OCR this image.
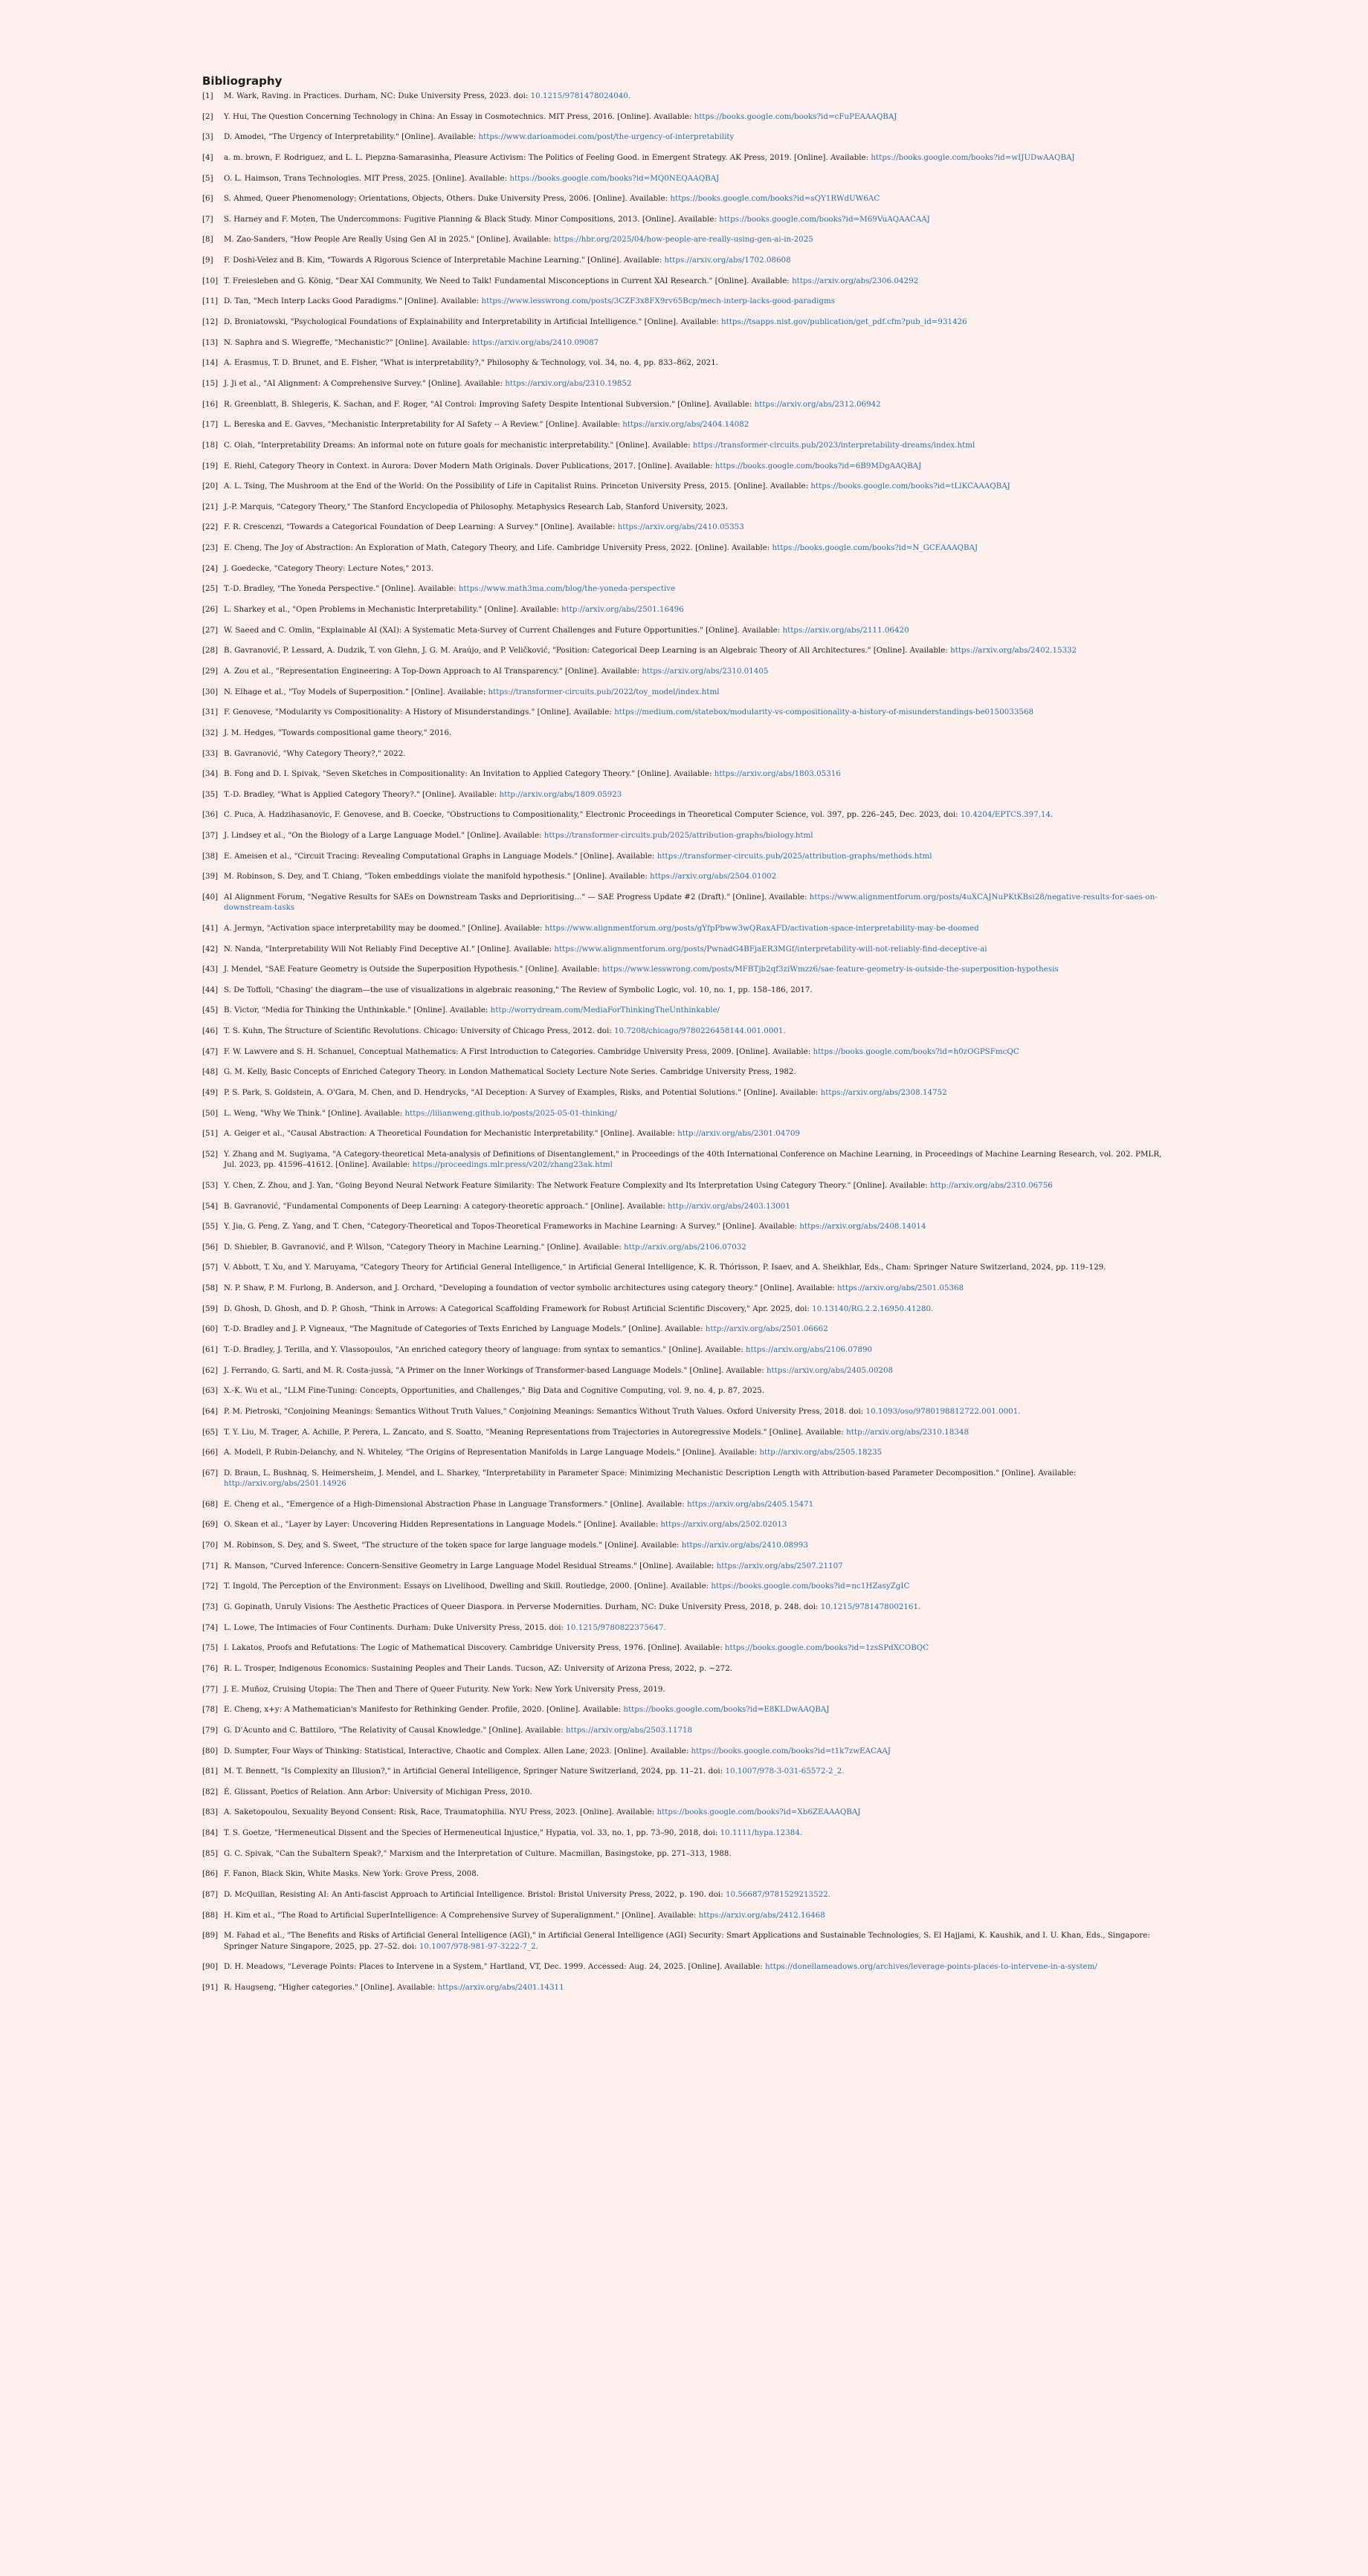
Bibliography
[1]	M. Wark, Raving. in Practices. Durham, NC: Duke University Press, 2023. doi: 10.1215/9781478024040.
[2]	Y. Hui, The Question Concerning Technology in China: An Essay in Cosmotechnics. MIT Press, 2016. [Online]. Available: https://books.google.com/books?id=cFuPEAAAQBAJ
[3]	D. Amodei, "The Urgency of Interpretability." [Online]. Available: https://www.darioamodei.com/post/the-urgency-of-interpretability
[4]	a. m. brown, F. Rodriguez, and L. L. Piepzna-Samarasinha, Pleasure Activism: The Politics of Feeling Good. in Emergent Strategy. AK Press, 2019. [Online]. Available: https://books.google.com/books?id=wIJUDwAAQBAJ
[5]	O. L. Haimson, Trans Technologies. MIT Press, 2025. [Online]. Available: https://books.google.com/books?id=MQ0NEQAAQBAJ
[6]	S. Ahmed, Queer Phenomenology: Orientations, Objects, Others. Duke University Press, 2006. [Online]. Available: https://books.google.com/books?id=sQY1RWdUW6AC
[7]	S. Harney and F. Moten, The Undercommons: Fugitive Planning & Black Study. Minor Compositions, 2013. [Online]. Available: https://books.google.com/books?id=M69VuAQAACAAJ
[8]	M. Zao-Sanders, "How People Are Really Using Gen AI in 2025." [Online]. Available: https://hbr.org/2025/04/how-people-are-really-using-gen-ai-in-2025
[9]	F. Doshi-Velez and B. Kim, "Towards A Rigorous Science of Interpretable Machine Learning." [Online]. Available: https://arxiv.org/abs/1702.08608
[10] T. Freiesleben and G. König, "Dear XAI Community, We Need to Talk! Fundamental Misconceptions in Current XAI Research." [Online]. Available: https://arxiv.org/abs/2306.04292
[11] D. Tan, "Mech Interp Lacks Good Paradigms." [Online]. Available: https://www.lesswrong.com/posts/3CZF3x8FX9rv65Bcp/mech-interp-lacks-good-paradigms
[12] D. Broniatowski, "Psychological Foundations of Explainability and Interpretability in Artificial Intelligence." [Online]. Available: https://tsapps.nist.gov/publication/get_pdf.cfm?pub_id=931426
[13] N. Saphra and S. Wiegreffe, "Mechanistic?" [Online]. Available: https://arxiv.org/abs/2410.09087
[14] A. Erasmus, T. D. Brunet, and E. Fisher, "What is interpretability?," Philosophy & Technology, vol. 34, no. 4, pp. 833–862, 2021.
[15] J. Ji et al., "AI Alignment: A Comprehensive Survey." [Online]. Available: https://arxiv.org/abs/2310.19852
[16] R. Greenblatt, B. Shlegeris, K. Sachan, and F. Roger, "AI Control: Improving Safety Despite Intentional Subversion." [Online]. Available: https://arxiv.org/abs/2312.06942
[17] L. Bereska and E. Gavves, "Mechanistic Interpretability for AI Safety -- A Review." [Online]. Available: https://arxiv.org/abs/2404.14082
[18] C. Olah, "Interpretability Dreams: An informal note on future goals for mechanistic interpretability." [Online]. Available: https://transformer-circuits.pub/2023/interpretability-dreams/index.html
[19] E. Riehl, Category Theory in Context. in Aurora: Dover Modern Math Originals. Dover Publications, 2017. [Online]. Available: https://books.google.com/books?id=6B9MDgAAQBAJ
[20] A. L. Tsing, The Mushroom at the End of the World: On the Possibility of Life in Capitalist Ruins. Princeton University Press, 2015. [Online]. Available: https://books.google.com/books?id=tLlKCAAAQBAJ
[21] J.-P. Marquis, "Category Theory," The Stanford Encyclopedia of Philosophy. Metaphysics Research Lab, Stanford University, 2023.
[22] F. R. Crescenzi, "Towards a Categorical Foundation of Deep Learning: A Survey." [Online]. Available: https://arxiv.org/abs/2410.05353
[23] E. Cheng, The Joy of Abstraction: An Exploration of Math, Category Theory, and Life. Cambridge University Press, 2022. [Online]. Available: https://books.google.com/books?id=N_GCEAAAQBAJ
[24] J. Goedecke, "Category Theory: Lecture Notes," 2013.
[25] T.-D. Bradley, "The Yoneda Perspective." [Online]. Available: https://www.math3ma.com/blog/the-yoneda-perspective
[26] L. Sharkey et al., "Open Problems in Mechanistic Interpretability." [Online]. Available: http://arxiv.org/abs/2501.16496
[27] W. Saeed and C. Omlin, "Explainable AI (XAI): A Systematic Meta-Survey of Current Challenges and Future Opportunities." [Online]. Available: https://arxiv.org/abs/2111.06420
[28] B. Gavranović, P. Lessard, A. Dudzik, T. von Glehn, J. G. M. Araújo, and P. Veličković, "Position: Categorical Deep Learning is an Algebraic Theory of All Architectures." [Online]. Available: https://arxiv.org/abs/2402.15332
[29] A. Zou et al., "Representation Engineering: A Top-Down Approach to AI Transparency." [Online]. Available: https://arxiv.org/abs/2310.01405
[30] N. Elhage et al., "Toy Models of Superposition." [Online]. Available: https://transformer-circuits.pub/2022/toy_model/index.html
[31] F. Genovese, "Modularity vs Compositionality: A History of Misunderstandings." [Online]. Available: https://medium.com/statebox/modularity-vs-compositionality-a-history-of-misunderstandings-be0150033568
[32] J. M. Hedges, "Towards compositional game theory," 2016.
[33] B. Gavranović, "Why Category Theory?," 2022.
[34] B. Fong and D. I. Spivak, "Seven Sketches in Compositionality: An Invitation to Applied Category Theory." [Online]. Available: https://arxiv.org/abs/1803.05316
[35] T.-D. Bradley, "What is Applied Category Theory?." [Online]. Available: http://arxiv.org/abs/1809.05923
[36] C. Puca, A. Hadzihasanovic, F. Genovese, and B. Coecke, "Obstructions to Compositionality," Electronic Proceedings in Theoretical Computer Science, vol. 397, pp. 226–245, Dec. 2023, doi: 10.4204/EPTCS.397.14.
[37] J. Lindsey et al., "On the Biology of a Large Language Model." [Online]. Available: https://transformer-circuits.pub/2025/attribution-graphs/biology.html
[38] E. Ameisen et al., "Circuit Tracing: Revealing Computational Graphs in Language Models." [Online]. Available: https://transformer-circuits.pub/2025/attribution-graphs/methods.html
[39] M. Robinson, S. Dey, and T. Chiang, "Token embeddings violate the manifold hypothesis." [Online]. Available: https://arxiv.org/abs/2504.01002
[40] AI Alignment Forum, "Negative Results for SAEs on Downstream Tasks and Deprioritising..." — SAE Progress Update #2 (Draft)." [Online]. Available: https://www.alignmentforum.org/posts/4uXCAJNuPKtKBsi28/negative-results-for-saes-on-downstream-tasks
[41] A. Jermyn, "Activation space interpretability may be doomed." [Online]. Available: https://www.alignmentforum.org/posts/gYfpPbww3wQRaxAFD/activation-space-interpretability-may-be-doomed
[42] N. Nanda, "Interpretability Will Not Reliably Find Deceptive AI." [Online]. Available: https://www.alignmentforum.org/posts/PwnadG4BFjaER3MGf/interpretability-will-not-reliably-find-deceptive-ai
[43] J. Mendel, "SAE Feature Geometry is Outside the Superposition Hypothesis." [Online]. Available: https://www.lesswrong.com/posts/MFBTjb2qf3ziWmzz6/sae-feature-geometry-is-outside-the-superposition-hypothesis
[44] S. De Toffoli, "Chasing' the diagram—the use of visualizations in algebraic reasoning," The Review of Symbolic Logic, vol. 10, no. 1, pp. 158–186, 2017.
[45] B. Victor, "Media for Thinking the Unthinkable." [Online]. Available: http://worrydream.com/MediaForThinkingTheUnthinkable/
[46] T. S. Kuhn, The Structure of Scientific Revolutions. Chicago: University of Chicago Press, 2012. doi: 10.7208/chicago/9780226458144.001.0001.
[47] F. W. Lawvere and S. H. Schanuel, Conceptual Mathematics: A First Introduction to Categories. Cambridge University Press, 2009. [Online]. Available: https://books.google.com/books?id=h0zOGPSFmcQC
[48] G. M. Kelly, Basic Concepts of Enriched Category Theory. in London Mathematical Society Lecture Note Series. Cambridge University Press, 1982.
[49] P. S. Park, S. Goldstein, A. O'Gara, M. Chen, and D. Hendrycks, "AI Deception: A Survey of Examples, Risks, and Potential Solutions." [Online]. Available: https://arxiv.org/abs/2308.14752
[50] L. Weng, "Why We Think." [Online]. Available: https://lilianweng.github.io/posts/2025-05-01-thinking/
[51] A. Geiger et al., "Causal Abstraction: A Theoretical Foundation for Mechanistic Interpretability." [Online]. Available: http://arxiv.org/abs/2301.04709
[52] Y. Zhang and M. Sugiyama, "A Category-theoretical Meta-analysis of Definitions of Disentanglement," in Proceedings of the 40th International Conference on Machine Learning, in Proceedings of Machine Learning Research, vol. 202. PMLR, Jul. 2023, pp. 41596–41612. [Online]. Available: https://proceedings.mlr.press/v202/zhang23ak.html
[53] Y. Chen, Z. Zhou, and J. Yan, "Going Beyond Neural Network Feature Similarity: The Network Feature Complexity and Its Interpretation Using Category Theory." [Online]. Available: http://arxiv.org/abs/2310.06756
[54] B. Gavranović, "Fundamental Components of Deep Learning: A category-theoretic approach." [Online]. Available: http://arxiv.org/abs/2403.13001
[55] Y. Jia, G. Peng, Z. Yang, and T. Chen, "Category-Theoretical and Topos-Theoretical Frameworks in Machine Learning: A Survey." [Online]. Available: https://arxiv.org/abs/2408.14014
[56] D. Shiebler, B. Gavranović, and P. Wilson, "Category Theory in Machine Learning." [Online]. Available: http://arxiv.org/abs/2106.07032
[57] V. Abbott, T. Xu, and Y. Maruyama, "Category Theory for Artificial General Intelligence," in Artificial General Intelligence, K. R. Thórisson, P. Isaev, and A. Sheikhlar, Eds., Cham: Springer Nature Switzerland, 2024, pp. 119–129.
[58] N. P. Shaw, P. M. Furlong, B. Anderson, and J. Orchard, "Developing a foundation of vector symbolic architectures using category theory." [Online]. Available: https://arxiv.org/abs/2501.05368
[59] D. Ghosh, D. Ghosh, and D. P. Ghosh, "Think in Arrows: A Categorical Scaffolding Framework for Robust Artificial Scientific Discovery," Apr. 2025, doi: 10.13140/RG.2.2.16950.41280.
[60] T.-D. Bradley and J. P. Vigneaux, "The Magnitude of Categories of Texts Enriched by Language Models." [Online]. Available: http://arxiv.org/abs/2501.06662
[61] T.-D. Bradley, J. Terilla, and Y. Vlassopoulos, "An enriched category theory of language: from syntax to semantics." [Online]. Available: https://arxiv.org/abs/2106.07890
[62] J. Ferrando, G. Sarti, and M. R. Costa-jussà, "A Primer on the Inner Workings of Transformer-based Language Models." [Online]. Available: https://arxiv.org/abs/2405.00208
[63] X.-K. Wu et al., "LLM Fine-Tuning: Concepts, Opportunities, and Challenges," Big Data and Cognitive Computing, vol. 9, no. 4, p. 87, 2025.
[64] P. M. Pietroski, "Conjoining Meanings: Semantics Without Truth Values," Conjoining Meanings: Semantics Without Truth Values. Oxford University Press, 2018. doi: 10.1093/oso/9780198812722.001.0001.
[65] T. Y. Liu, M. Trager, A. Achille, P. Perera, L. Zancato, and S. Soatto, "Meaning Representations from Trajectories in Autoregressive Models." [Online]. Available: http://arxiv.org/abs/2310.18348
[66] A. Modell, P. Rubin-Delanchy, and N. Whiteley, "The Origins of Representation Manifolds in Large Language Models." [Online]. Available: http://arxiv.org/abs/2505.18235
[67] D. Braun, L. Bushnaq, S. Heimersheim, J. Mendel, and L. Sharkey, "Interpretability in Parameter Space: Minimizing Mechanistic Description Length with Attribution-based Parameter Decomposition." [Online]. Available: http://arxiv.org/abs/2501.14926
[68] E. Cheng et al., "Emergence of a High-Dimensional Abstraction Phase in Language Transformers." [Online]. Available: https://arxiv.org/abs/2405.15471
[69] O. Skean et al., "Layer by Layer: Uncovering Hidden Representations in Language Models." [Online]. Available: https://arxiv.org/abs/2502.02013
[70] M. Robinson, S. Dey, and S. Sweet, "The structure of the token space for large language models." [Online]. Available: https://arxiv.org/abs/2410.08993
[71] R. Manson, "Curved Inference: Concern-Sensitive Geometry in Large Language Model Residual Streams." [Online]. Available: https://arxiv.org/abs/2507.21107
[72] T. Ingold, The Perception of the Environment: Essays on Livelihood, Dwelling and Skill. Routledge, 2000. [Online]. Available: https://books.google.com/books?id=nc1HZasyZgIC
[73] G. Gopinath, Unruly Visions: The Aesthetic Practices of Queer Diaspora. in Perverse Modernities. Durham, NC: Duke University Press, 2018, p. 248. doi: 10.1215/9781478002161.
[74] L. Lowe, The Intimacies of Four Continents. Durham: Duke University Press, 2015. doi: 10.1215/9780822375647.
[75] I. Lakatos, Proofs and Refutations: The Logic of Mathematical Discovery. Cambridge University Press, 1976. [Online]. Available: https://books.google.com/books?id=1zsSPdXCOBQC
[76] R. L. Trosper, Indigenous Economics: Sustaining Peoples and Their Lands. Tucson, AZ: University of Arizona Press, 2022, p. ~272.
[77] J. E. Muñoz, Cruising Utopia: The Then and There of Queer Futurity. New York: New York University Press, 2019.
[78] E. Cheng, x+y: A Mathematician's Manifesto for Rethinking Gender. Profile, 2020. [Online]. Available: https://books.google.com/books?id=E8KLDwAAQBAJ
[79] G. D'Acunto and C. Battiloro, "The Relativity of Causal Knowledge." [Online]. Available: https://arxiv.org/abs/2503.11718
[80] D. Sumpter, Four Ways of Thinking: Statistical, Interactive, Chaotic and Complex. Allen Lane, 2023. [Online]. Available: https://books.google.com/books?id=t1k7zwEACAAJ
[81] M. T. Bennett, "Is Complexity an Illusion?," in Artificial General Intelligence, Springer Nature Switzerland, 2024, pp. 11–21. doi: 10.1007/978-3-031-65572-2_2.
[82] É. Glissant, Poetics of Relation. Ann Arbor: University of Michigan Press, 2010.
[83] A. Saketopoulou, Sexuality Beyond Consent: Risk, Race, Traumatophilia. NYU Press, 2023. [Online]. Available: https://books.google.com/books?id=Xb6ZEAAAQBAJ
[84] T. S. Goetze, "Hermeneutical Dissent and the Species of Hermeneutical Injustice," Hypatia, vol. 33, no. 1, pp. 73–90, 2018, doi: 10.1111/hypa.12384.
[85] G. C. Spivak, "Can the Subaltern Speak?," Marxism and the Interpretation of Culture. Macmillan, Basingstoke, pp. 271–313, 1988.
[86] F. Fanon, Black Skin, White Masks. New York: Grove Press, 2008.
[87] D. McQuillan, Resisting AI: An Anti-fascist Approach to Artificial Intelligence. Bristol: Bristol University Press, 2022, p. 190. doi: 10.56687/9781529213522.
[88] H. Kim et al., "The Road to Artificial SuperIntelligence: A Comprehensive Survey of Superalignment." [Online]. Available: https://arxiv.org/abs/2412.16468
[89] M. Fahad et al., "The Benefits and Risks of Artificial General Intelligence (AGI)," in Artificial General Intelligence (AGI) Security: Smart Applications and Sustainable Technologies, S. El Hajjami, K. Kaushik, and I. U. Khan, Eds., Singapore: Springer Nature Singapore, 2025, pp. 27–52. doi: 10.1007/978-981-97-3222-7_2.
[90] D. H. Meadows, "Leverage Points: Places to Intervene in a System," Hartland, VT, Dec. 1999. Accessed: Aug. 24, 2025. [Online]. Available: https://donellameadows.org/archives/leverage-points-places-to-intervene-in-a-system/
[91] R. Haugseng, "Higher categories." [Online]. Available: https://arxiv.org/abs/2401.14311
